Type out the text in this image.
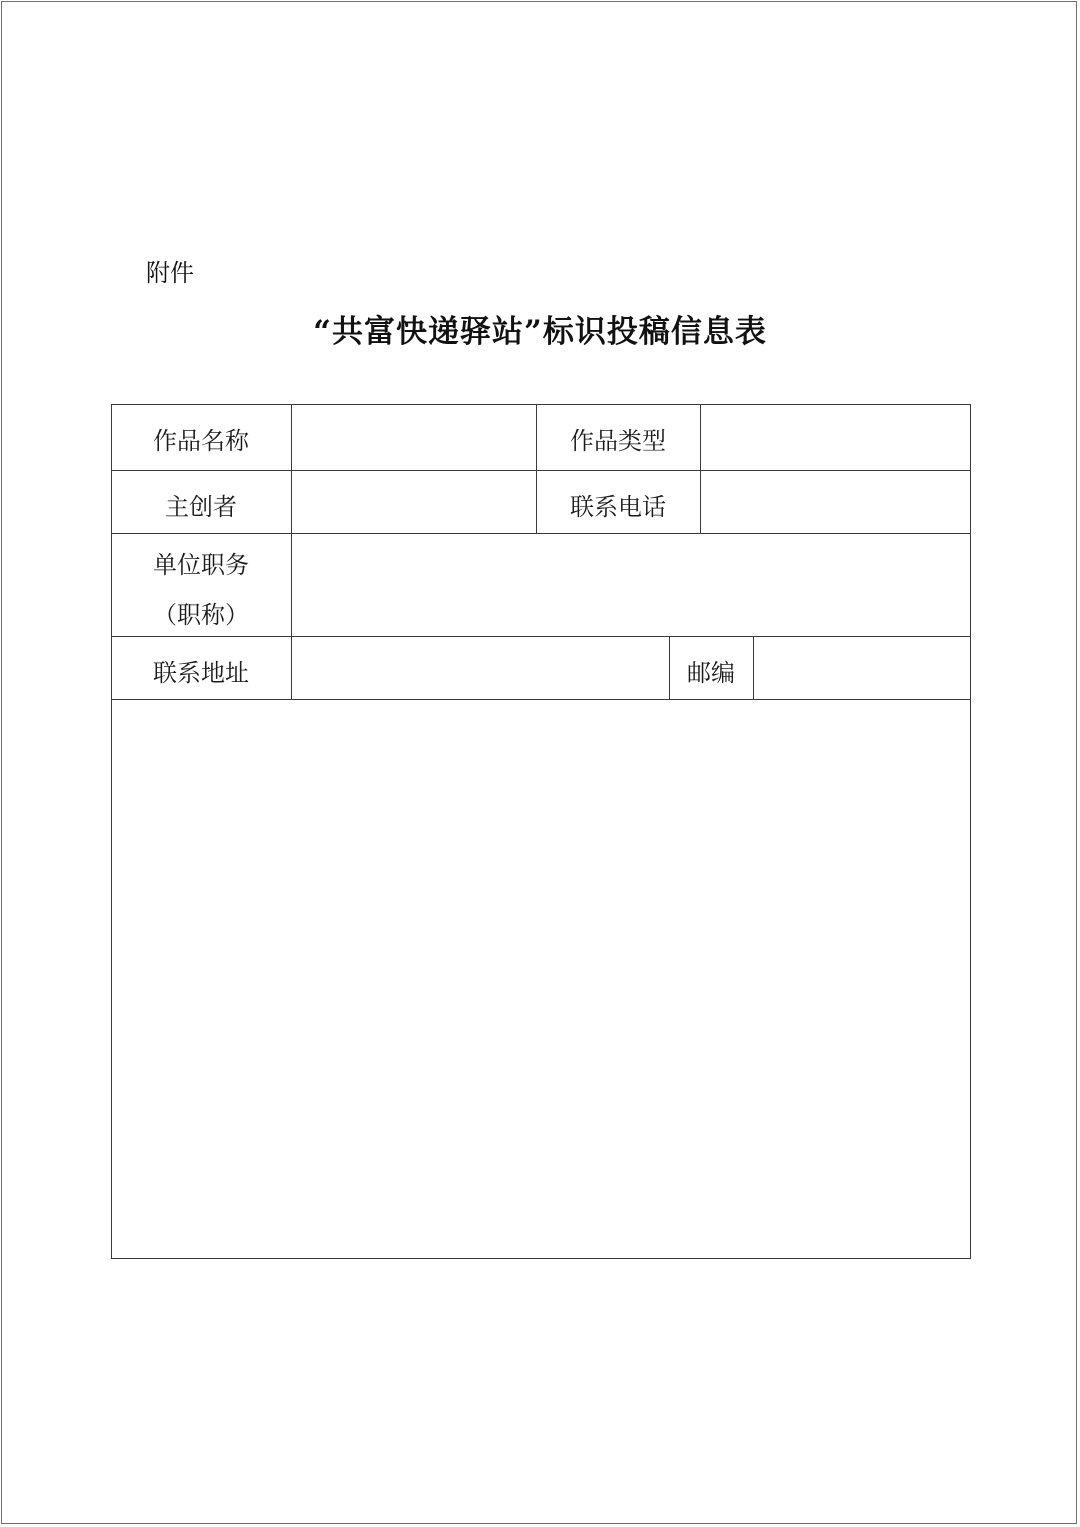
附件
“共富快递驿站”标识投稿信息表
作品名称	作品类型
主创者	联系电话
单位职务
（职称）
联系地址	邮编
